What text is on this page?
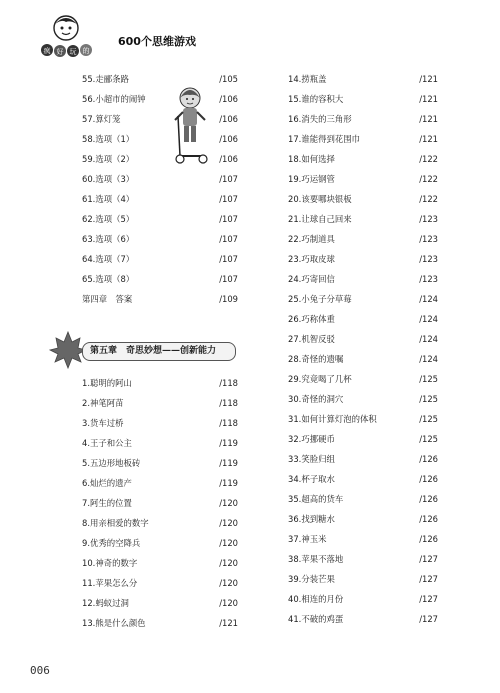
疯 好 玩 的
600个思维游戏
55.走郦条路	/105
56.小超市的闹钟	/106
57.算灯笼	/106
58.选项（1）	/106
59.选项（2）	/106
60.选项（3）	/107
61.选项（4）	/107
62.选项（5）	/107
63.选项（6）	/107
64.选项（7）	/107
65.选项（8）	/107
第四章　答案	/109
第五章　奇思妙想——创新能力
1.聪明的阿山	/118
2.神笔阿苗	/118
3.货车过桥	/118
4.王子和公主	/119
5.五边形地板砖	/119
6.灿烂的遗产	/119
7.阿生的位置	/120
8.用亲相爱的数字	/120
9.优秀的空降兵	/120
10.神奇的数字	/120
11.苹果怎么分	/120
12.蚂蚁过洞	/120
13.熊是什么颜色	/121
14.捞瓶盖	/121
15.谁的容积大	/121
16.消失的三角形	/121
17.谁能得到花围巾	/121
18.如何选择	/122
19.巧运钢管	/122
20.该要哪块银板	/122
21.让球自己回来	/123
22.巧制道具	/123
23.巧取皮球	/123
24.巧寄回信	/123
25.小兔子分草莓	/124
26.巧称体重	/124
27.机智反驳	/124
28.奇怪的遗嘱	/124
29.究竟喝了几杯	/125
30.奇怪的洞穴	/125
31.如何计算灯泡的体积	/125
32.巧挪硬币	/125
33.笑脸归组	/126
34.杯子取水	/126
35.超高的货车	/126
36.找到糖水	/126
37.神玉米	/126
38.苹果不落地	/127
39.分装芒果	/127
40.相连的月份	/127
41.不破的鸡蛋	/127
006
